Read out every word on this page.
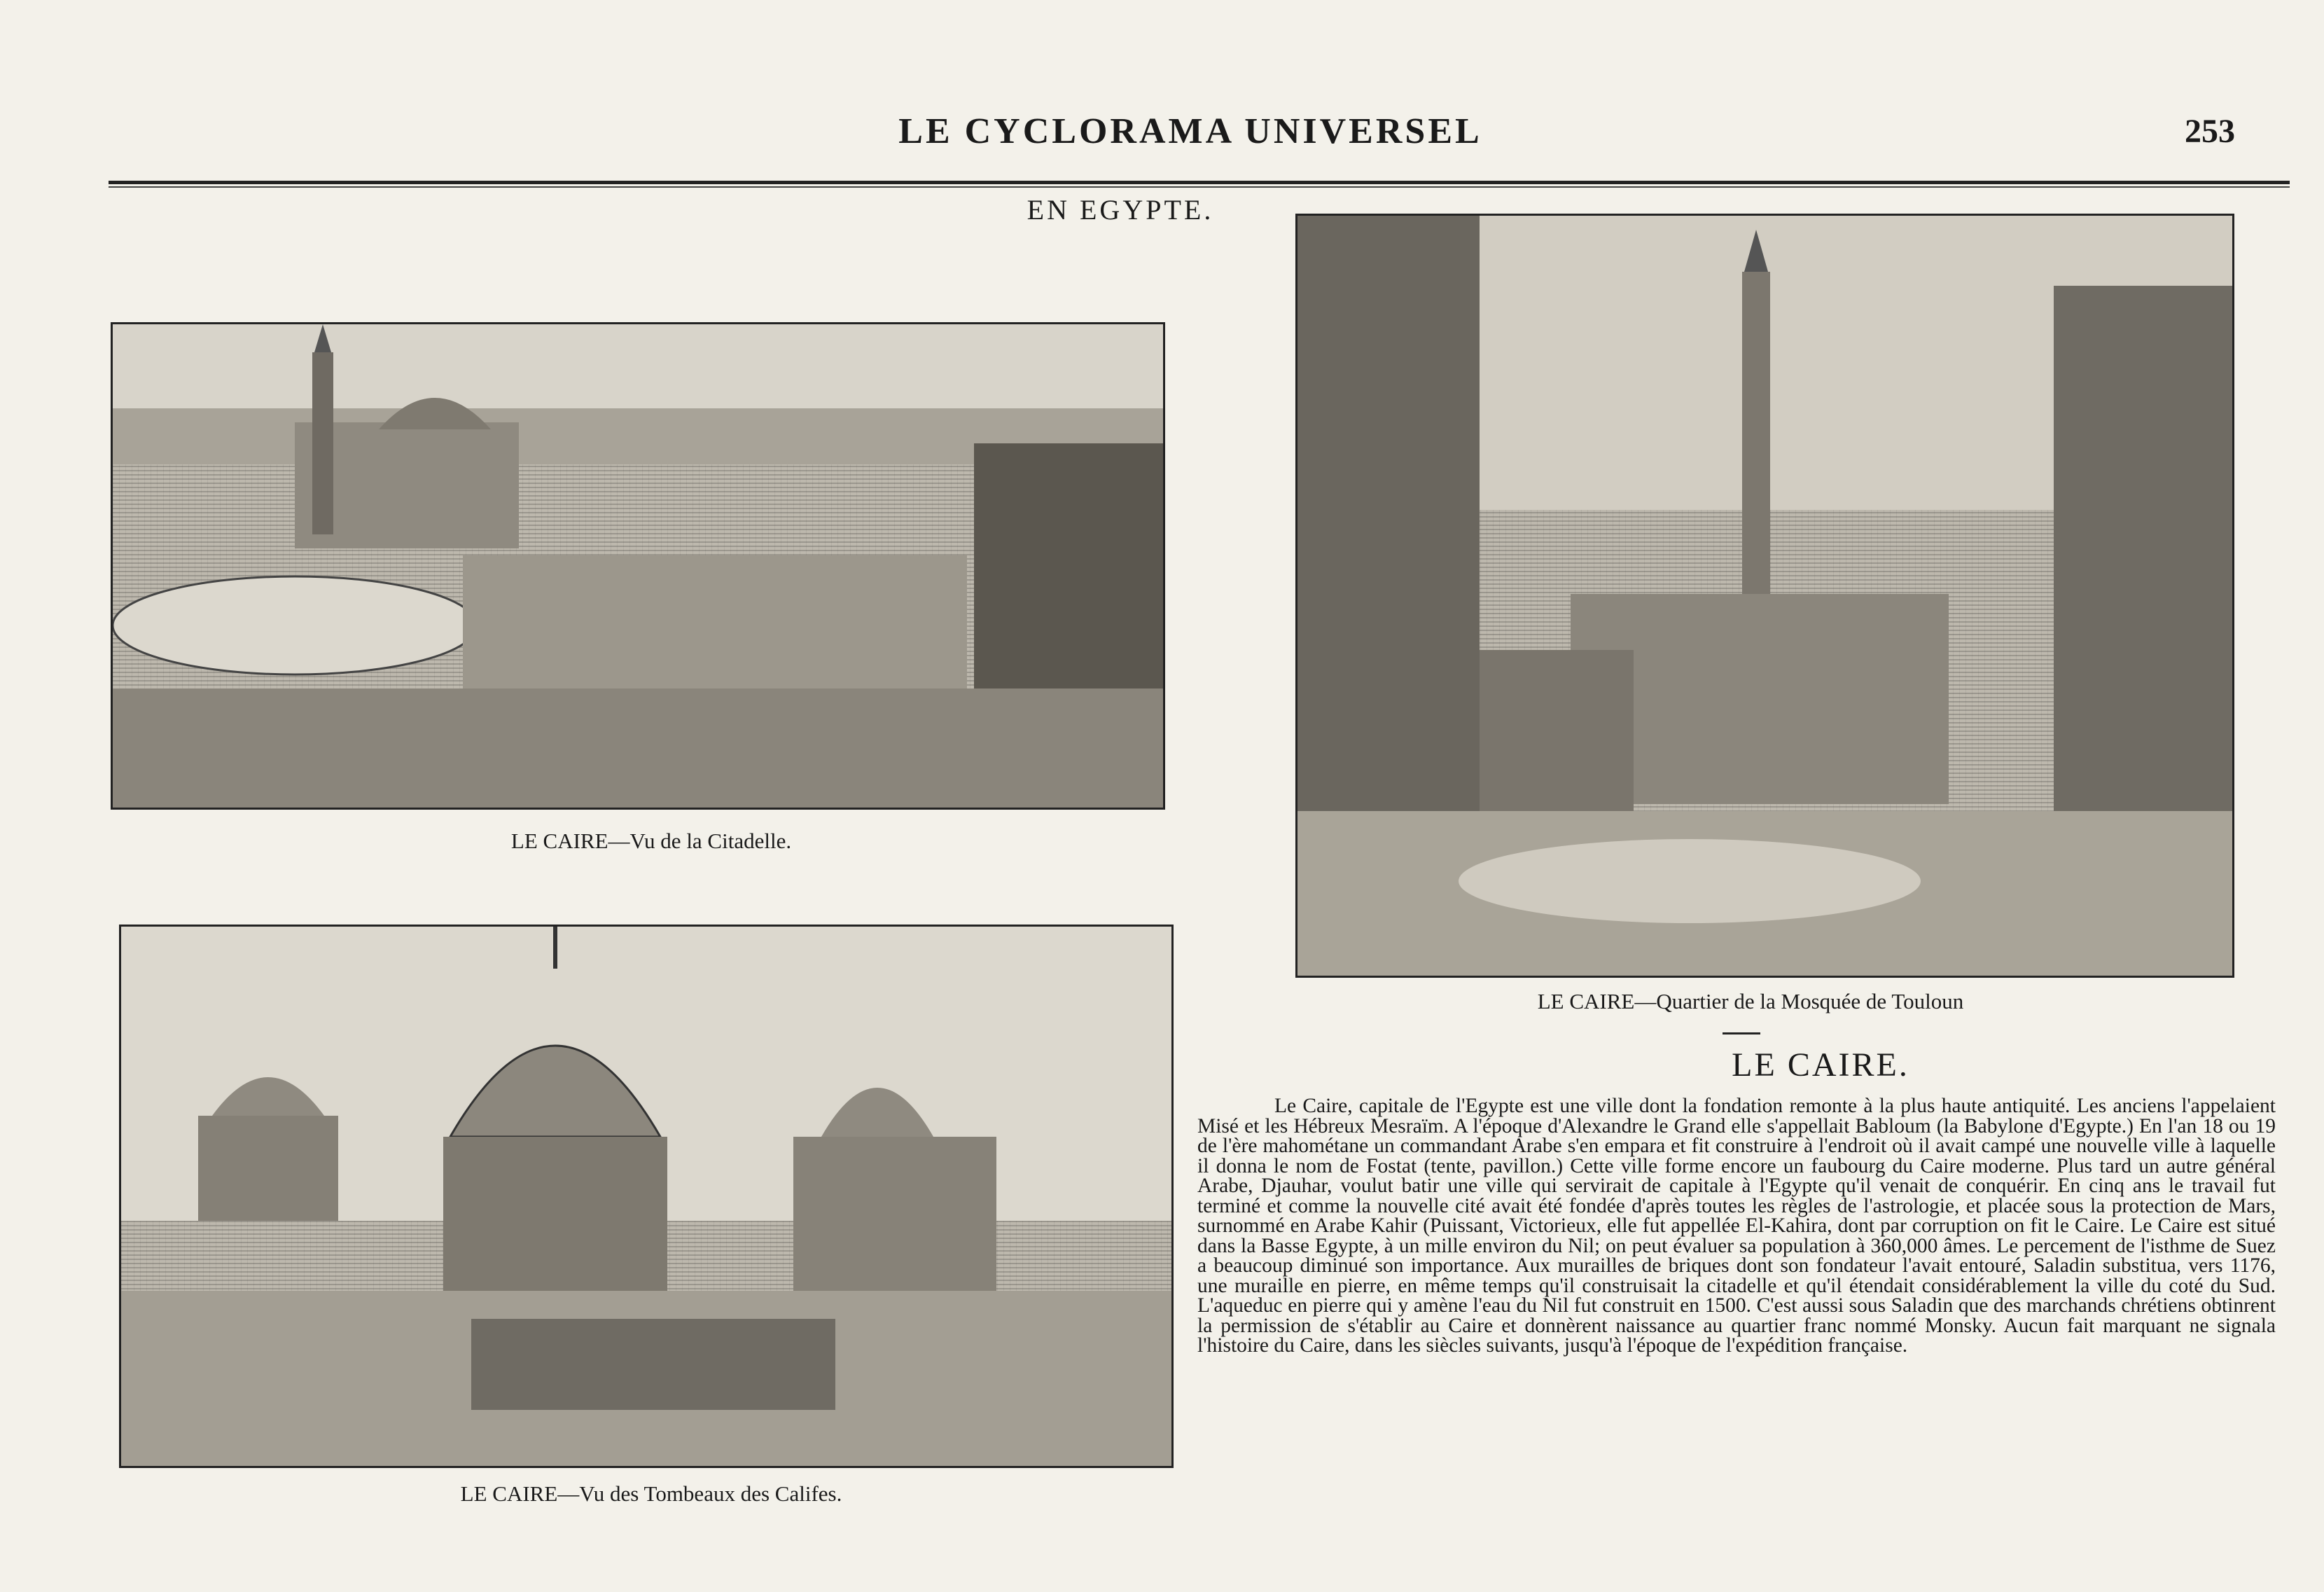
LE CYCLORAMA UNIVERSEL	253
EN EGYPTE.
LE CAIRE—Vu de la Citadelle.
LE CAIRE—Quartier de la Mosquée de Touloun
LE CAIRE—Vu des Tombeaux des Califes.
LE CAIRE.

Le Caire, capitale de l'Egypte est une ville dont la fondation remonte à la plus haute antiquité. Les anciens l'appelaient Misé et les Hébreux Mesraïm. A l'époque d'Alexandre le Grand elle s'appellait Babloum (la Babylone d'Egypte.) En l'an 18 ou 19 de l'ère mahométane un commandant Arabe s'en empara et fit construire à l'endroit où il avait campé une nouvelle ville à laquelle il donna le nom de Fostat (tente, pavillon.) Cette ville forme encore un faubourg du Caire moderne. Plus tard un autre général Arabe, Djauhar, voulut batir une ville qui servirait de capitale à l'Egypte qu'il venait de conquérir. En cinq ans le travail fut terminé et comme la nouvelle cité avait été fondée d'après toutes les règles de l'astrologie, et placée sous la protection de Mars, surnommé en Arabe Kahir (Puissant, Victorieux, elle fut appellée El-Kahira, dont par corruption on fit le Caire. Le Caire est situé dans la Basse Egypte, à un mille environ du Nil; on peut évaluer sa population à 360,000 âmes. Le percement de l'isthme de Suez a beaucoup diminué son importance. Aux murailles de briques dont son fondateur l'avait entouré, Saladin substitua, vers 1176, une muraille en pierre, en même temps qu'il construisait la citadelle et qu'il étendait considérablement la ville du coté du Sud. L'aqueduc en pierre qui y amène l'eau du Nil fut construit en 1500. C'est aussi sous Saladin que des marchands chrétiens obtinrent la permission de s'établir au Caire et donnèrent naissance au quartier franc nommé Monsky. Aucun fait marquant ne signala l'histoire du Caire, dans les siècles suivants, jusqu'à l'époque de l'expédition française.
